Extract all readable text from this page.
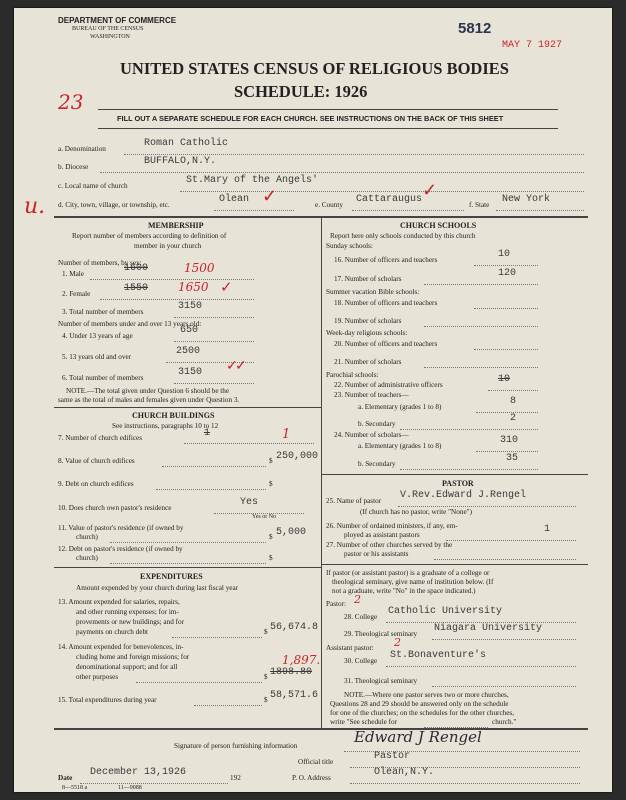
DEPARTMENT OF COMMERCE
BUREAU OF THE CENSUS
WASHINGTON	5812
MAY 7 1927
UNITED STATES CENSUS OF RELIGIOUS BODIES
SCHEDULE: 1926
23
FILL OUT A SEPARATE SCHEDULE FOR EACH CHURCH. SEE INSTRUCTIONS ON THE BACK OF THIS SHEET
a. Denomination	Roman Catholic
b. Diocese	BUFFALO,N.Y.
c. Local name of church	St.Mary of the Angels'
u. d. City, town, village, or township, etc.	Olean ✓	e. County Cattaraugus ✓
f. State New York
MEMBERSHIP
Report number of members according to definition of
member in your church
Number of members, by sex:
1. Male	1600	1500
2. Female	1550 1650 ✓
3. Total number of members	3150
Number of members under and over 13 years old:
4. Under 13 years of age	650
5. 13 years old and over	2500
6. Total number of members	3150 ✓
✓
NOTE.—The total given under Question 6 should be the
same as the total of males and females given under Question 3.
CHURCH BUILDINGS
See instructions, paragraphs 10 to 12
7. Number of church edifices	1	1
8. Value of church edifices	$ 250,000
9. Debt on church edifices	$
10. Does church own pastor's residence	Yes
Yes or No
11. Value of pastor's residence (if owned by
church)	$ 5,000
12. Debt on pastor's residence (if owned by
church)	$
EXPENDITURES
Amount expended by your church during last fiscal year
13. Amount expended for salaries, repairs,
and other running expenses; for im-
provements or new buildings; and for
payments on church debt	$ 56,674.8
14. Amount expended for benevolences, in-
cluding home and foreign missions; for
denominational support; and for all
other purposes	$ 1898.80
1,897.
15. Total expenditures during year	$ 58,571.6
CHURCH SCHOOLS
Report here only schools conducted by this church
Sunday schools:
16. Number of officers and teachers	10
17. Number of scholars	120
Summer vacation Bible schools:
18. Number of officers and teachers
19. Number of scholars
Week-day religious schools:
20. Number of officers and teachers
21. Number of scholars
Parochial schools:
22. Number of administrative officers	10
23. Number of teachers—
a. Elementary (grades 1 to 8)	8
b. Secondary	2
24. Number of scholars—
a. Elementary (grades 1 to 8)	310
b. Secondary	35
PASTOR
25. Name of pastor V.Rev.Edward J.Rengel
(If church has no pastor, write "None")
26. Number of ordained ministers, if any, em-
ployed as assistant pastors	1
27. Number of other churches served by the
pastor or his assistants
If pastor (or assistant pastor) is a graduate of a college or
theological seminary, give name of institution below. (If
not a graduate, write "No" in the space indicated.)
Pastor: 2
28. College Catholic University
29. Theological seminary Niagara University
Assistant pastor: 2
30. College St.Bonaventure's
31. Theological seminary
NOTE.—Where one pastor serves two or more churches,
Questions 28 and 29 should be answered only on the schedule
for one of the churches; on the schedules for the other churches,
write "See schedule for	church."
Signature of person furnishing information	Edward J Rengel
Official title	Pastor
Date December 13,1926	192	P. O. Address	Olean,N.Y.
8—5518 a	11—9088
